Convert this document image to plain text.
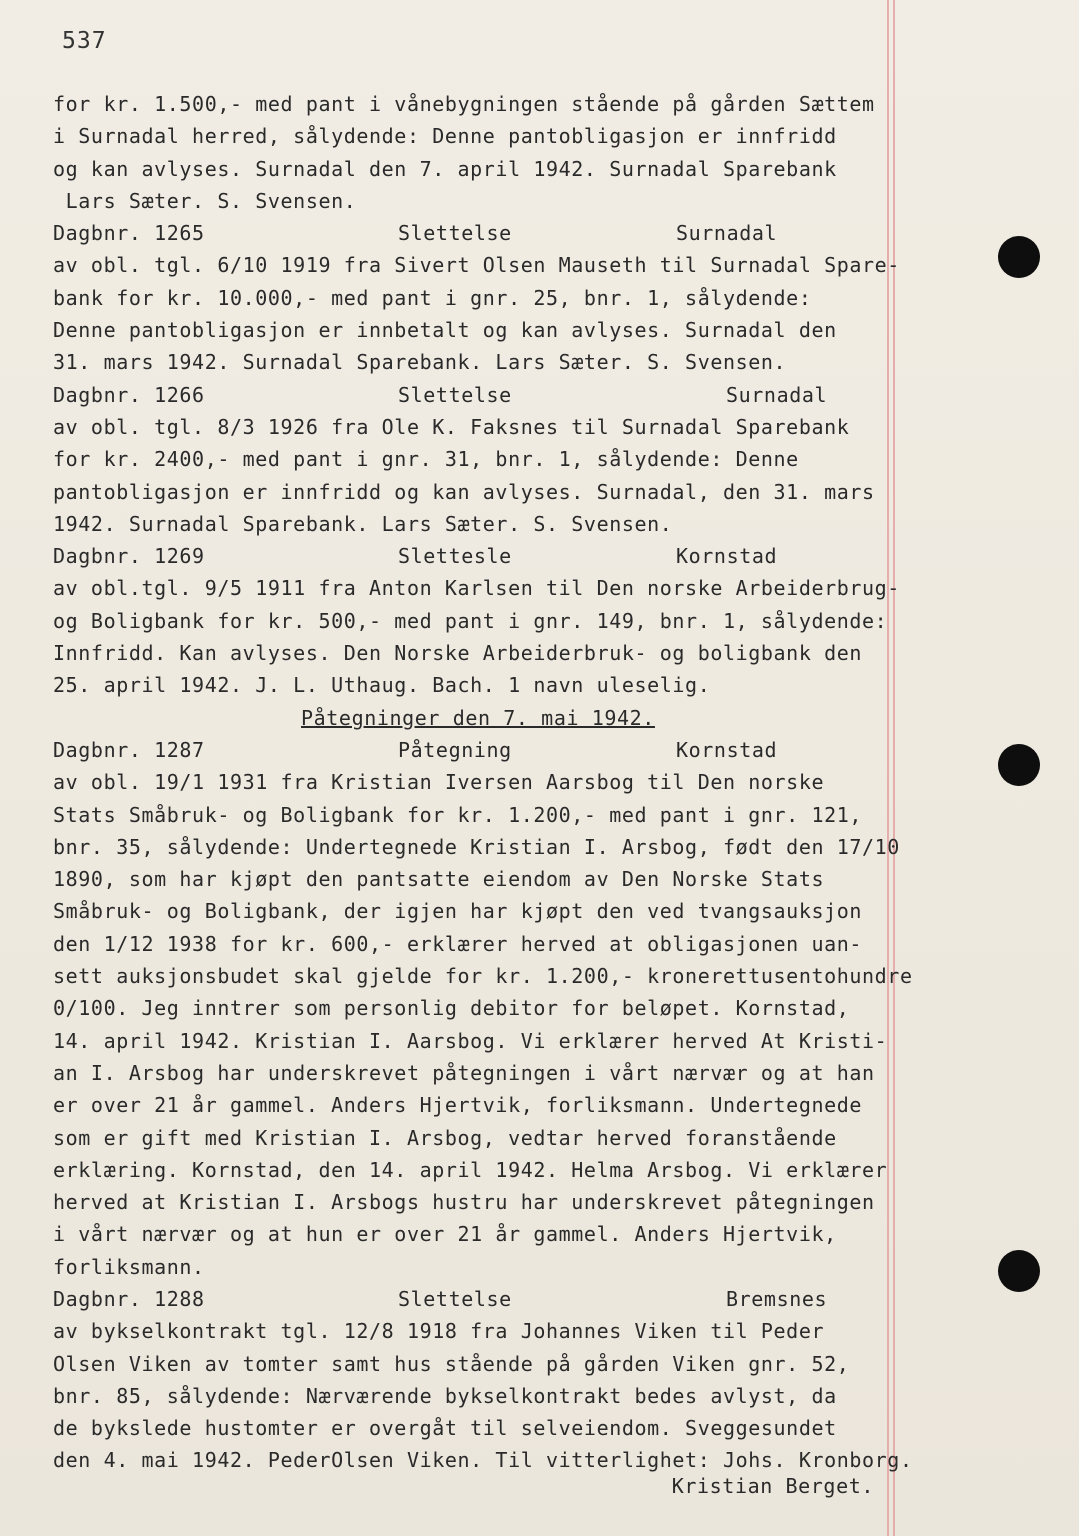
537
for kr. 1.500,- med pant i vånebygningen stående på gården Sættem
i Surnadal herred, sålydende: Denne pantobligasjon er innfridd
og kan avlyses. Surnadal den 7. april 1942. Surnadal Sparebank
Lars Sæter. S. Svensen.
Dagbnr. 1265	Slettelse	Surnadal
av obl. tgl. 6/10 1919 fra Sivert Olsen Mauseth til Surnadal Spare-
bank for kr. 10.000,- med pant i gnr. 25, bnr. 1, sålydende:
Denne pantobligasjon er innbetalt og kan avlyses. Surnadal den
31. mars 1942. Surnadal Sparebank. Lars Sæter. S. Svensen.
Dagbnr. 1266	Slettelse	Surnadal
av obl. tgl. 8/3 1926 fra Ole K. Faksnes til Surnadal Sparebank
for kr. 2400,- med pant i gnr. 31, bnr. 1, sålydende: Denne
pantobligasjon er innfridd og kan avlyses. Surnadal, den 31. mars
1942. Surnadal Sparebank. Lars Sæter. S. Svensen.
Dagbnr. 1269	Slettesle	Kornstad
av obl.tgl. 9/5 1911 fra Anton Karlsen til Den norske Arbeiderbrug-
og Boligbank for kr. 500,- med pant i gnr. 149, bnr. 1, sålydende:
Innfridd. Kan avlyses. Den Norske Arbeiderbruk- og boligbank den
25. april 1942. J. L. Uthaug. Bach. 1 navn uleselig.
Påtegninger den 7. mai 1942.
Dagbnr. 1287	Påtegning	Kornstad
av obl. 19/1 1931 fra Kristian Iversen Aarsbog til Den norske
Stats Småbruk- og Boligbank for kr. 1.200,- med pant i gnr. 121,
bnr. 35, sålydende: Undertegnede Kristian I. Arsbog, født den 17/10
1890, som har kjøpt den pantsatte eiendom av Den Norske Stats
Småbruk- og Boligbank, der igjen har kjøpt den ved tvangsauksjon
den 1/12 1938 for kr. 600,- erklærer herved at obligasjonen uan-
sett auksjonsbudet skal gjelde for kr. 1.200,- kronerettusentohundre
0/100. Jeg inntrer som personlig debitor for beløpet. Kornstad,
14. april 1942. Kristian I. Aarsbog. Vi erklærer herved At Kristi-
an I. Arsbog har underskrevet påtegningen i vårt nærvær og at han
er over 21 år gammel. Anders Hjertvik, forliksmann. Undertegnede
som er gift med Kristian I. Arsbog, vedtar herved foranstående
erklæring. Kornstad, den 14. april 1942. Helma Arsbog. Vi erklærer
herved at Kristian I. Arsbogs hustru har underskrevet påtegningen
i vårt nærvær og at hun er over 21 år gammel. Anders Hjertvik,
forliksmann.
Dagbnr. 1288	Slettelse	Bremsnes
av bykselkontrakt tgl. 12/8 1918 fra Johannes Viken til Peder
Olsen Viken av tomter samt hus stående på gården Viken gnr. 52,
bnr. 85, sålydende: Nærværende bykselkontrakt bedes avlyst, da
de byksledе hustomter er overgåt til selveiendom. Sveggesundet
den 4. mai 1942. PederOlsen Viken. Til vitterlighet: Johs. Kronborg.
Kristian Berget.
